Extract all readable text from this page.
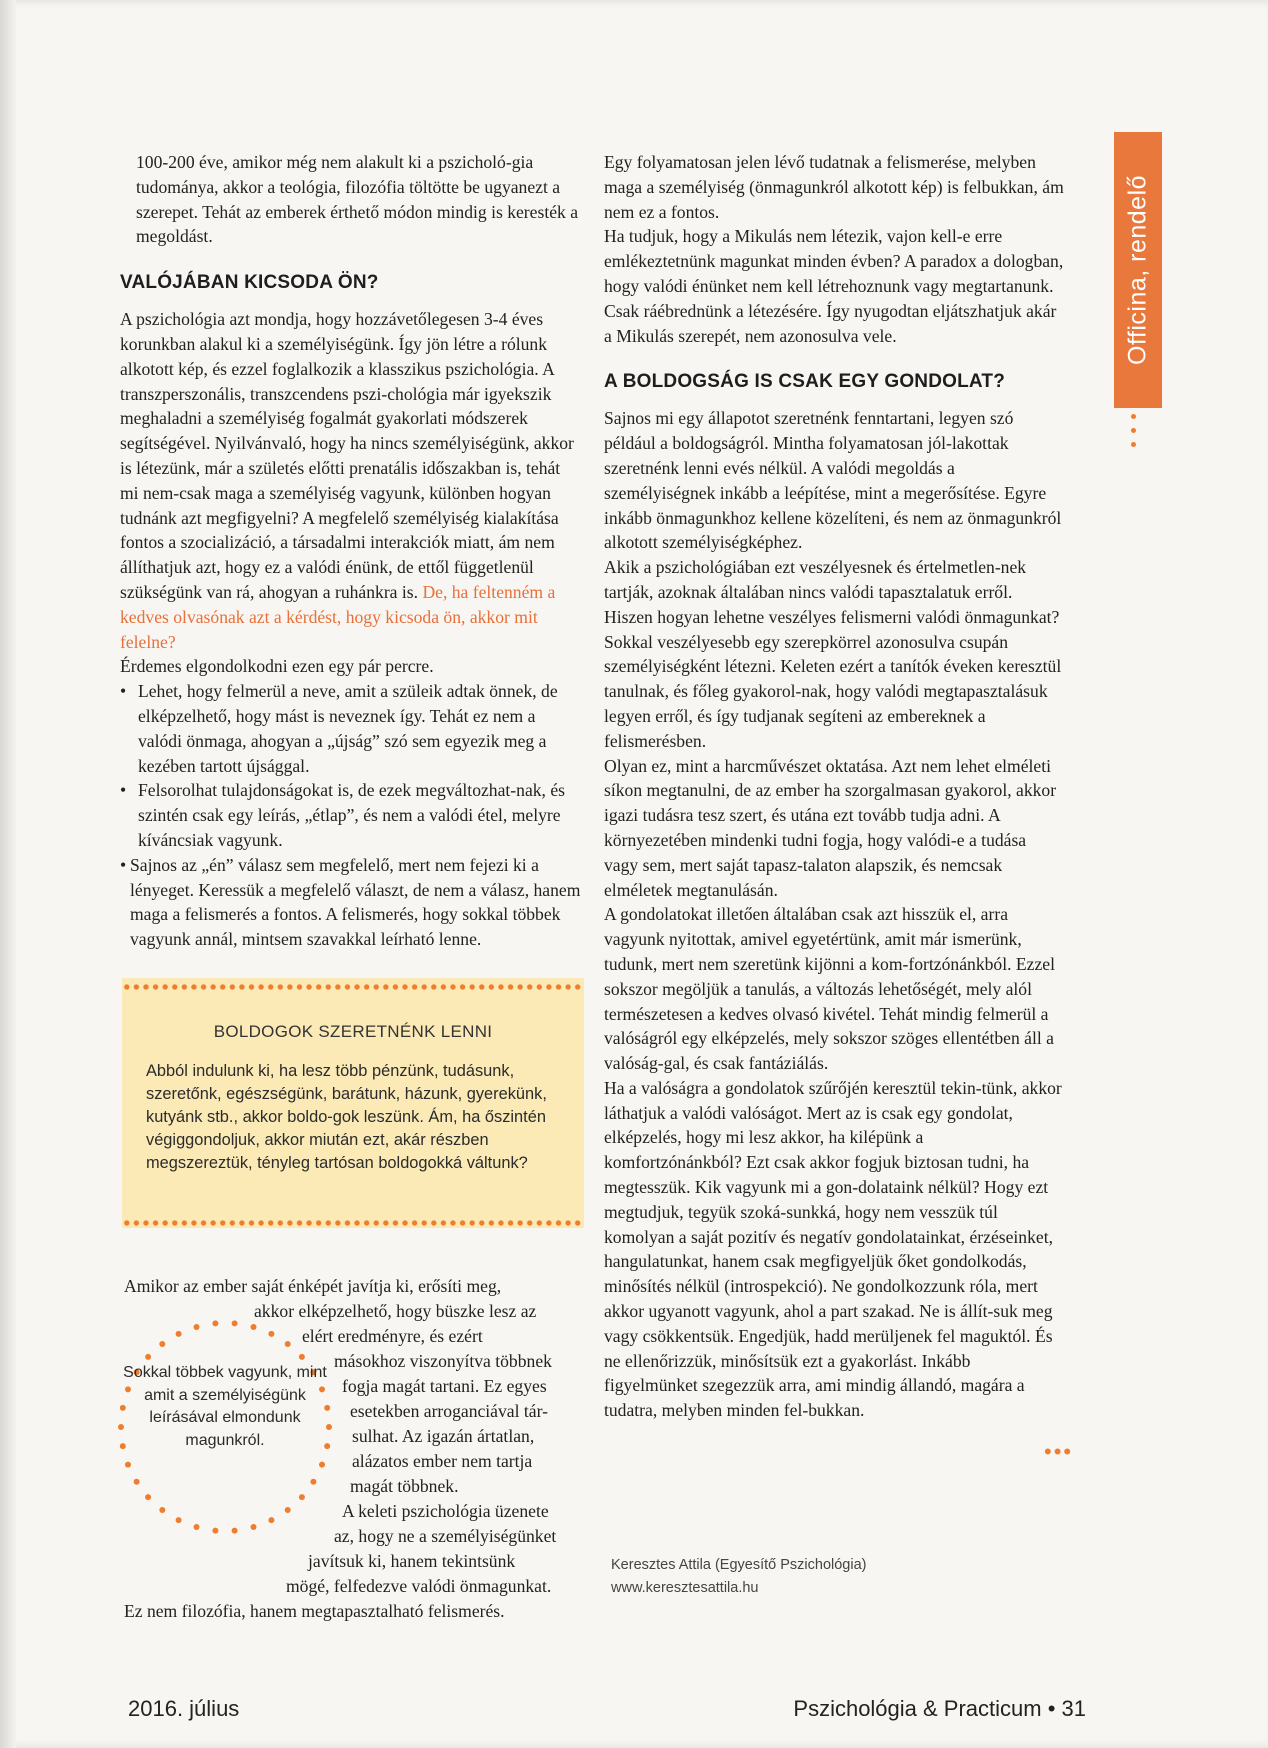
100-200 éve, amikor még nem alakult ki a pszicholó-gia tudománya, akkor a teológia, filozófia töltötte be ugyanezt a szerepet. Tehát az emberek érthető módon mindig is keresték a megoldást.

VALÓJÁBAN KICSODA ÖN?

A pszichológia azt mondja, hogy hozzávetőlegesen 3-4 éves korunkban alakul ki a személyiségünk. Így jön létre a rólunk alkotott kép, és ezzel foglalkozik a klasszikus pszichológia. A transzperszonális, transzcendens pszi-chológia már igyekszik meghaladni a személyiség fogalmát gyakorlati módszerek segítségével. Nyilvánvaló, hogy ha nincs személyiségünk, akkor is létezünk, már a születés előtti prenatális időszakban is, tehát mi nem-csak maga a személyiség vagyunk, különben hogyan tudnánk azt megfigyelni? A megfelelő személyiség kialakítása fontos a szocializáció, a társadalmi interakciók miatt, ám nem állíthatjuk azt, hogy ez a valódi énünk, de ettől függetlenül szükségünk van rá, ahogyan a ruhánkra is. De, ha feltenném a kedves olvasónak azt a kérdést, hogy kicsoda ön, akkor mit felelne?

Érdemes elgondolkodni ezen egy pár percre.

• Lehet, hogy felmerül a neve, amit a szüleik adtak önnek, de elképzelhető, hogy mást is neveznek így. Tehát ez nem a valódi önmaga, ahogyan a „újság” szó sem egyezik meg a kezében tartott újsággal.
• Felsorolhat tulajdonságokat is, de ezek megváltozhat-nak, és szintén csak egy leírás, „étlap”, és nem a valódi étel, melyre kíváncsiak vagyunk.
• Sajnos az „én” válasz sem megfelelő, mert nem fejezi ki a lényeget. Keressük a megfelelő választ, de nem a válasz, hanem maga a felismerés a fontos. A felismerés, hogy sokkal többek vagyunk annál, mintsem szavakkal leírható lenne.
BOLDOGOK SZERETNÉNK LENNI

Abból indulunk ki, ha lesz több pénzünk, tudásunk, szeretőnk, egészségünk, barátunk, házunk, gyerekünk, kutyánk stb., akkor boldo-gok leszünk. Ám, ha őszintén végiggondoljuk, akkor miután ezt, akár részben megszereztük, tényleg tartósan boldogokká váltunk?

Amikor az ember saját énképét javítja ki, erősíti meg,

akkor elképzelhető, hogy büszke lesz az

elért eredményre, és ezért

másokhoz viszonyítva többnek

fogja magát tartani. Ez egyes

esetekben arroganciával tár-

sulhat. Az igazán ártatlan,

alázatos ember nem tartja

magát többnek.

A keleti pszichológia üzenete

az, hogy ne a személyiségünket

javítsuk ki, hanem tekintsünk

mögé, felfedezve valódi önmagunkat.

Ez nem filozófia, hanem megtapasztalható felismerés.

Sokkal többek vagyunk, mint amit a személyiségünk leírásával elmondunk magunkról.

Egy folyamatosan jelen lévő tudatnak a felismerése, melyben maga a személyiség (önmagunkról alkotott kép) is felbukkan, ám nem ez a fontos.

Ha tudjuk, hogy a Mikulás nem létezik, vajon kell-e erre emlékeztetnünk magunkat minden évben? A paradox a dologban, hogy valódi énünket nem kell létrehoznunk vagy megtartanunk. Csak ráébrednünk a létezésére. Így nyugodtan eljátszhatjuk akár a Mikulás szerepét, nem azonosulva vele.

A BOLDOGSÁG IS CSAK EGY GONDOLAT?

Sajnos mi egy állapotot szeretnénk fenntartani, legyen szó például a boldogságról. Mintha folyamatosan jól-lakottak szeretnénk lenni evés nélkül. A valódi megoldás a személyiségnek inkább a leépítése, mint a megerősítése. Egyre inkább önmagunkhoz kellene közelíteni, és nem az önmagunkról alkotott személyiségképhez.

Akik a pszichológiában ezt veszélyesnek és értelmetlen-nek tartják, azoknak általában nincs valódi tapasztalatuk erről. Hiszen hogyan lehetne veszélyes felismerni valódi önmagunkat? Sokkal veszélyesebb egy szerepkörrel azonosulva csupán személyiségként létezni. Keleten ezért a tanítók éveken keresztül tanulnak, és főleg gyakorol-nak, hogy valódi megtapasztalásuk legyen erről, és így tudjanak segíteni az embereknek a felismerésben.

Olyan ez, mint a harcművészet oktatása. Azt nem lehet elméleti síkon megtanulni, de az ember ha szorgalmasan gyakorol, akkor igazi tudásra tesz szert, és utána ezt tovább tudja adni. A környezetében mindenki tudni fogja, hogy valódi-e a tudása vagy sem, mert saját tapasz-talaton alapszik, és nemcsak elméletek megtanulásán.

A gondolatokat illetően általában csak azt hisszük el, arra vagyunk nyitottak, amivel egyetértünk, amit már ismerünk, tudunk, mert nem szeretünk kijönni a kom-fortzónánkból. Ezzel sokszor megöljük a tanulás, a változás lehetőségét, mely alól természetesen a kedves olvasó kivétel. Tehát mindig felmerül a valóságról egy elképzelés, mely sokszor szöges ellentétben áll a valóság-gal, és csak fantáziálás.

Ha a valóságra a gondolatok szűrőjén keresztül tekin-tünk, akkor láthatjuk a valódi valóságot. Mert az is csak egy gondolat, elképzelés, hogy mi lesz akkor, ha kilépünk a komfortzónánkból? Ezt csak akkor fogjuk biztosan tudni, ha megtesszük. Kik vagyunk mi a gon-dolataink nélkül? Hogy ezt megtudjuk, tegyük szoká-sunkká, hogy nem vesszük túl komolyan a saját pozitív és negatív gondolatainkat, érzéseinket, hangulatunkat, hanem csak megfigyeljük őket gondolkodás, minősítés nélkül (introspekció). Ne gondolkozzunk róla, mert akkor ugyanott vagyunk, ahol a part szakad. Ne is állít-suk meg vagy csökkentsük. Engedjük, hadd merüljenek fel maguktól. És ne ellenőrizzük, minősítsük ezt a gyakorlást. Inkább figyelmünket szegezzük arra, ami mindig állandó, magára a tudatra, melyben minden fel-bukkan.

•••
Keresztes Attila (Egyesítő Pszichológia)
www.keresztesattila.hu
Officina, rendelő
2016. július	Pszichológia & Practicum • 31
